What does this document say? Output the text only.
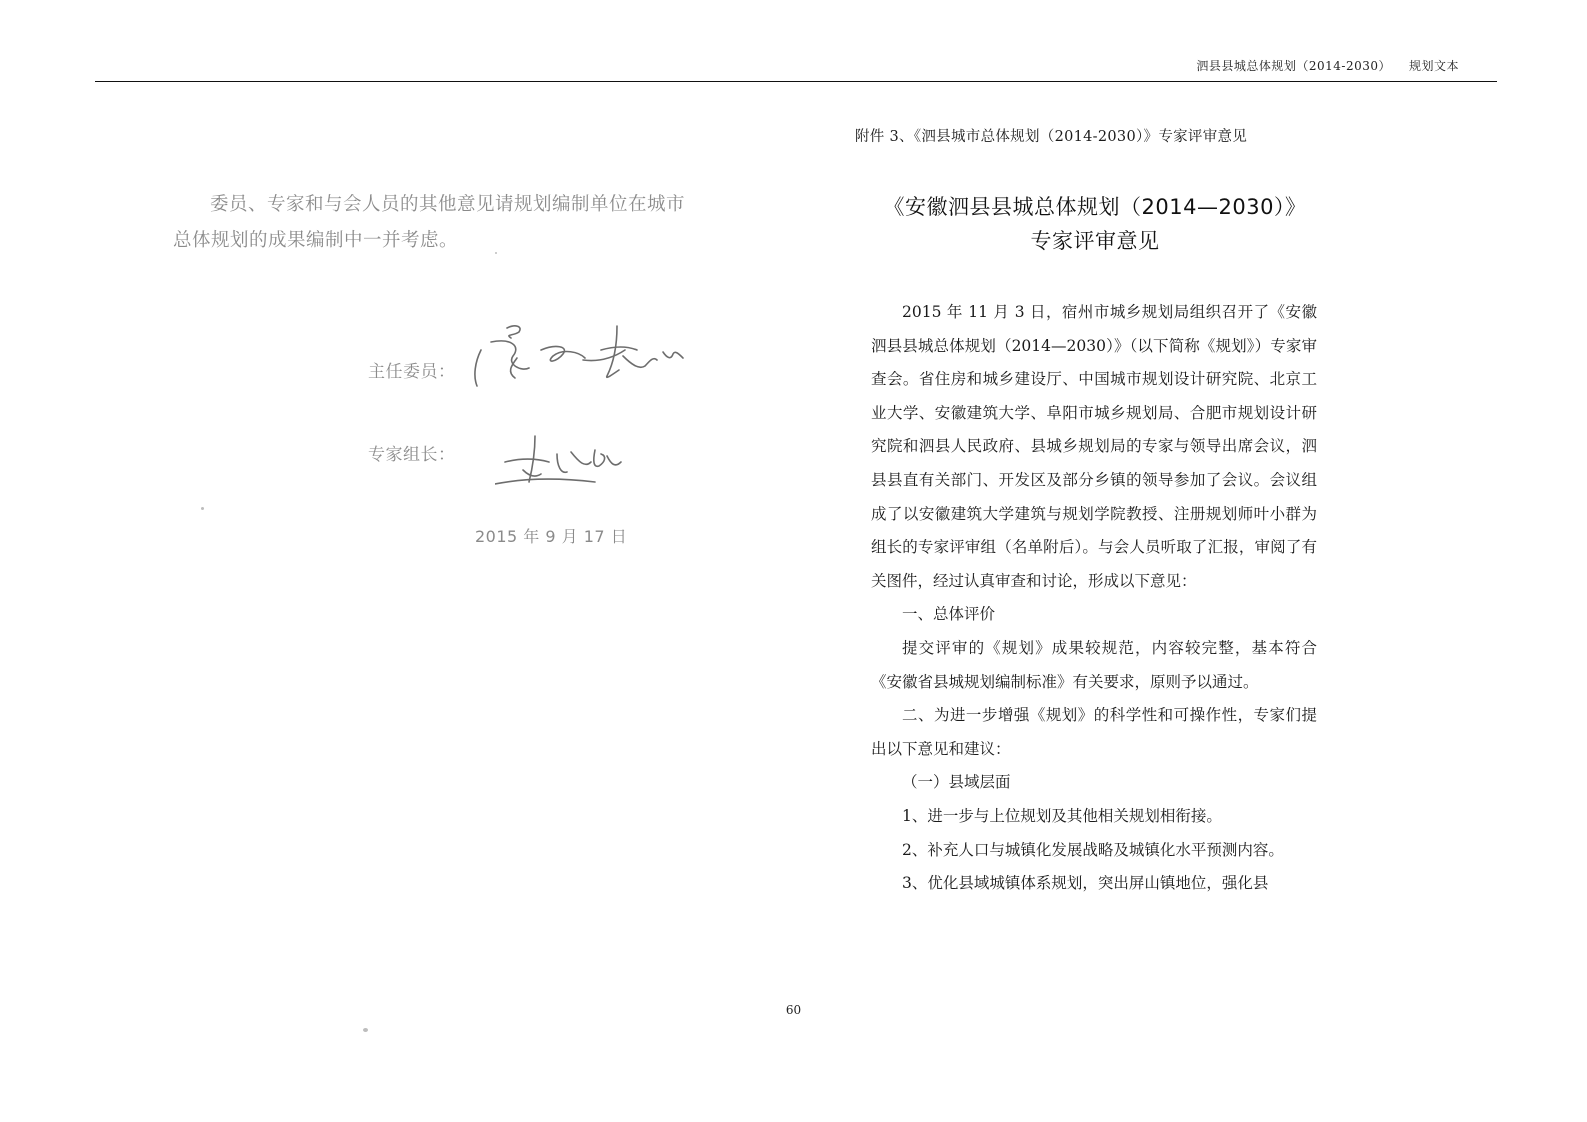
泗县县城总体规划（2014-2030） 规划文本
委员、专家和与会人员的其他意见请规划编制单位在城市总体规划的成果编制中一并考虑。
主任委员：
专家组长：
2015 年 9 月 17 日
附件 3、《泗县城市总体规划（2014-2030）》专家评审意见
《安徽泗县县城总体规划（2014—2030）》
专家评审意见

2015 年 11 月 3 日，宿州市城乡规划局组织召开了《安徽泗县县城总体规划（2014—2030）》（以下简称《规划》）专家审查会。省住房和城乡建设厅、中国城市规划设计研究院、北京工业大学、安徽建筑大学、阜阳市城乡规划局、合肥市规划设计研究院和泗县人民政府、县城乡规划局的专家与领导出席会议，泗县县直有关部门、开发区及部分乡镇的领导参加了会议。会议组成了以安徽建筑大学建筑与规划学院教授、注册规划师叶小群为组长的专家评审组（名单附后）。与会人员听取了汇报，审阅了有关图件，经过认真审查和讨论，形成以下意见：

一、总体评价

提交评审的《规划》成果较规范，内容较完整，基本符合《安徽省县城规划编制标准》有关要求，原则予以通过。

二、为进一步增强《规划》的科学性和可操作性，专家们提出以下意见和建议：

（一）县域层面

1、进一步与上位规划及其他相关规划相衔接。

2、补充人口与城镇化发展战略及城镇化水平预测内容。

3、优化县域城镇体系规划，突出屏山镇地位，强化县

60
